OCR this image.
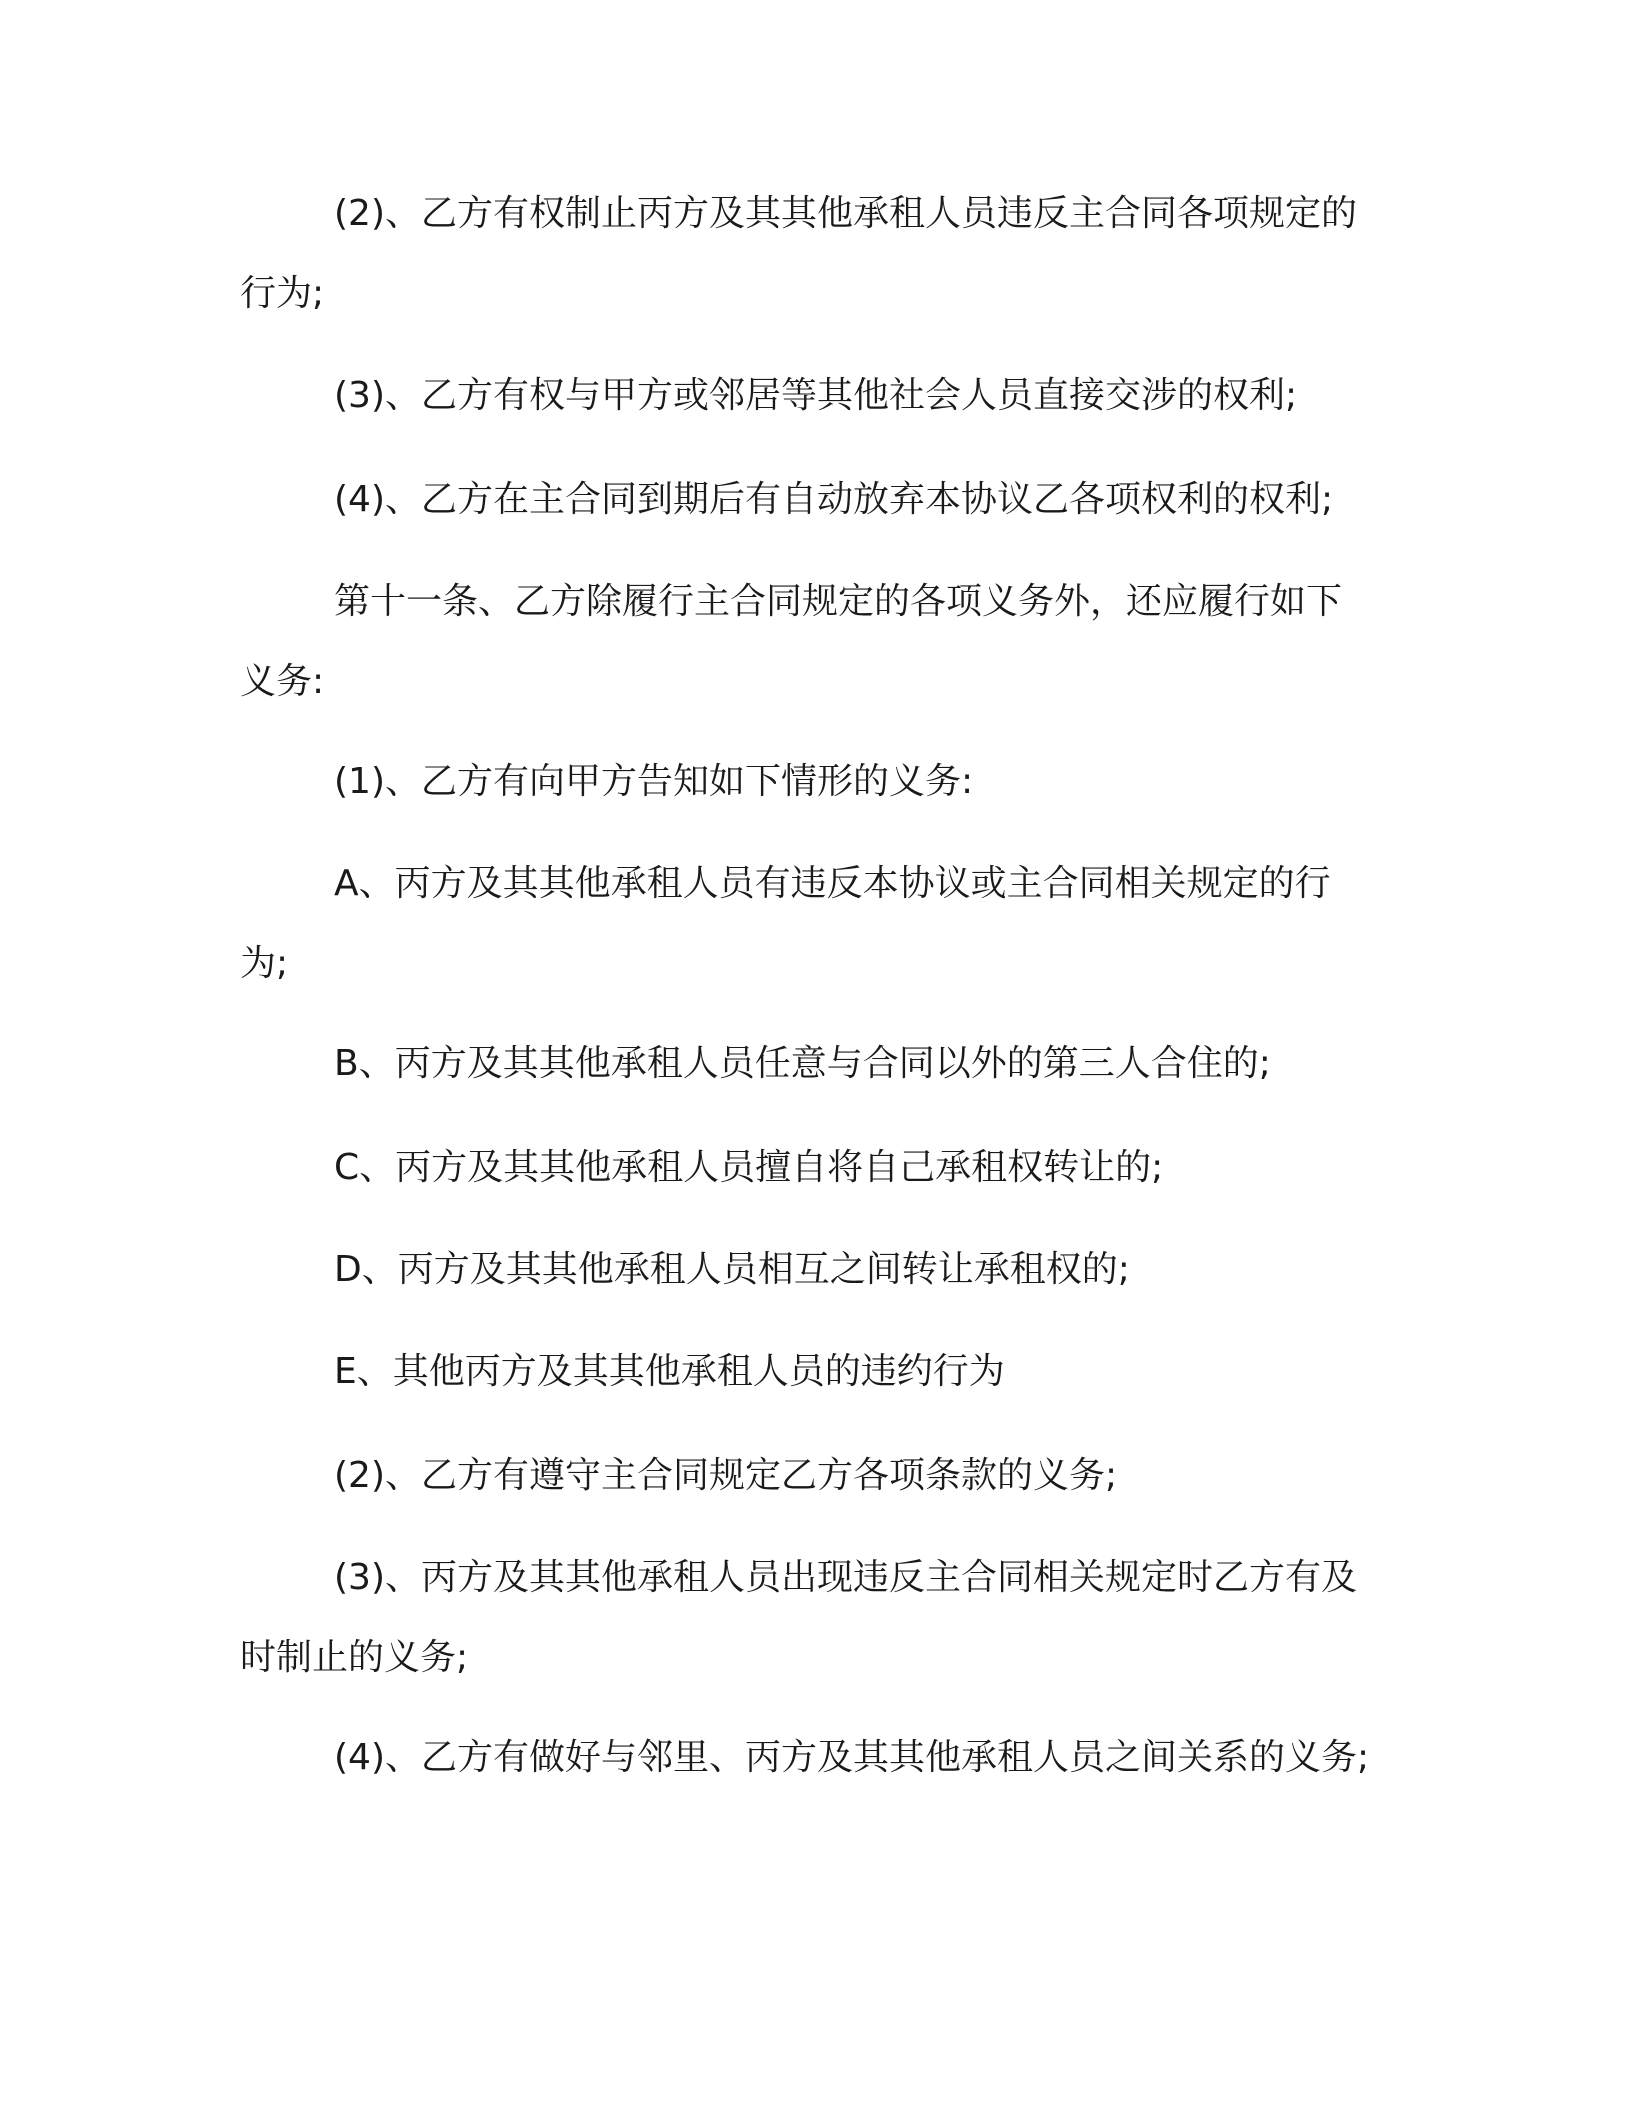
(2)、乙方有权制止丙方及其其他承租人员违反主合同各项规定的
行为;
(3)、乙方有权与甲方或邻居等其他社会人员直接交涉的权利;
(4)、乙方在主合同到期后有自动放弃本协议乙各项权利的权利;
第十一条、乙方除履行主合同规定的各项义务外，还应履行如下
义务:
(1)、乙方有向甲方告知如下情形的义务:
A、丙方及其其他承租人员有违反本协议或主合同相关规定的行
为;
B、丙方及其其他承租人员任意与合同以外的第三人合住的;
C、丙方及其其他承租人员擅自将自己承租权转让的;
D、丙方及其其他承租人员相互之间转让承租权的;
E、其他丙方及其其他承租人员的违约行为
(2)、乙方有遵守主合同规定乙方各项条款的义务;
(3)、丙方及其其他承租人员出现违反主合同相关规定时乙方有及
时制止的义务;
(4)、乙方有做好与邻里、丙方及其其他承租人员之间关系的义务;
